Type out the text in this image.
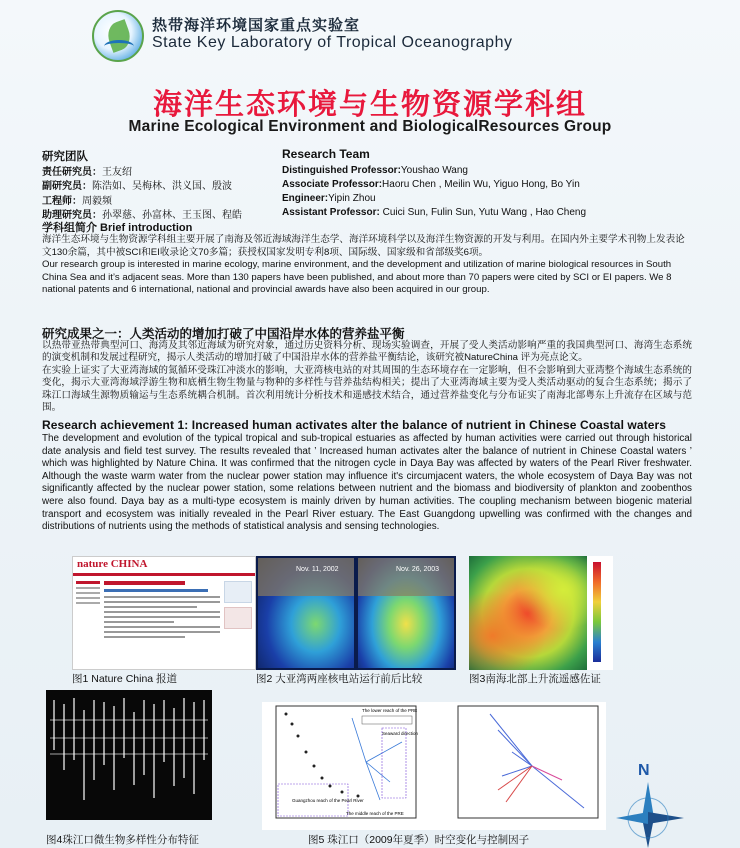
热带海洋环境国家重点实验室
State Key Laboratory of Tropical Oceanography
海洋生态环境与生物资源学科组
Marine Ecological Environment and BiologicalResources Group
研究团队
责任研究员：王友绍
副研究员：陈浩如、吴梅林、洪义国、殷波
工程师：周毅频
助理研究员：孙翠慈、孙富林、王玉图、程皓
Research Team
Distinguished Professor:Youshao Wang
Associate Professor:Haoru Chen , Meilin Wu, Yiguo Hong, Bo Yin
Engineer:Yipin Zhou
Assistant Professor: Cuici Sun, Fulin Sun, Yutu Wang , Hao Cheng
学科组简介 Brief introduction
海洋生态环境与生物资源学科组主要开展了南海及邻近海域海洋生态学、海洋环境科学以及海洋生物资源的开发与利用。在国内外主要学术刊物上发表论文130余篇，其中被SCI和EI收录论文70多篇；获授权国家发明专利8项、国际级、国家级和省部级奖6项。
Our research group is interested in marine ecology, marine environment, and the development and utilization of marine biological resources in South China Sea and it’s adjacent seas. More than 130 papers have been published, and about more than 70 papers were cited by SCI or EI papers. We 8 national patents and 6 international, national and provincial awards have also been acquired in our group.
研究成果之一：人类活动的增加打破了中国沿岸水体的营养盐平衡
以热带亚热带典型河口、海湾及其邻近海域为研究对象，通过历史资料分析、现场实验调查，开展了受人类活动影响严重的我国典型河口、海湾生态系统的演变机制和发展过程研究，揭示人类活动的增加打破了中国沿岸水体的营养盐平衡结论，该研究被NatureChina 评为亮点论文。
在实验上证实了大亚湾海域的氮循环受珠江冲淡水的影响，大亚湾核电站的对其周围的生态环境存在一定影响，但不会影响到大亚湾整个海域生态系统的变化，揭示大亚湾海域浮游生物和底栖生物生物量与物种的多样性与营养盐结构相关；提出了大亚湾海域主要为受人类活动驱动的复合生态系统；揭示了珠江口海域生源物质输运与生态系统耦合机制。首次利用统计分析技术和遥感技术结合，通过营养盐变化与分布证实了南海北部粤东上升流存在区域与范围。
Research achievement 1: Increased human activates alter the balance of nutrient in Chinese Coastal waters
The development and evolution of the typical tropical and sub-tropical estuaries as affected by human activities were carried out through historical date analysis and field test survey. The results revealed that ’ Increased human activates alter the balance of nutrient in Chinese Coastal waters ’ which was highlighted by Nature China. It was confirmed that the nitrogen cycle in Daya Bay was affected by waters of the Pearl River freshwater. Although the waste warm water from the nuclear power station may influence it's circumjacent waters, the whole ecosystem of Daya Bay was not significantly affected by the nuclear power station, some relations between nutrient and the biomass and biodiversity of plankton and zoobenthos were also found. Daya bay as a multi-type ecosystem is mainly driven by human activities. The coupling mechanism between biogenic material transport and ecosystem was initially revealed in the Pearl River estuary. The East Guangdong upwelling was confirmed with the changes and distributions of nutrients using the methods of statistical analysis and sensing technologies.
nature CHINA
图1 Nature China 报道
Nov. 11, 2002	Nov. 26, 2003
图2 大亚湾两座核电站运行前后比较	图3南海北部上升流遥感佐证
图4珠江口微生物多样性分布特征
The lower reach of the PRE
Seaward direction
Guangzhou reach of the Pearl River
The middle reach of the PRE
图5 珠江口（2009年夏季）时空变化与控制因子
N
